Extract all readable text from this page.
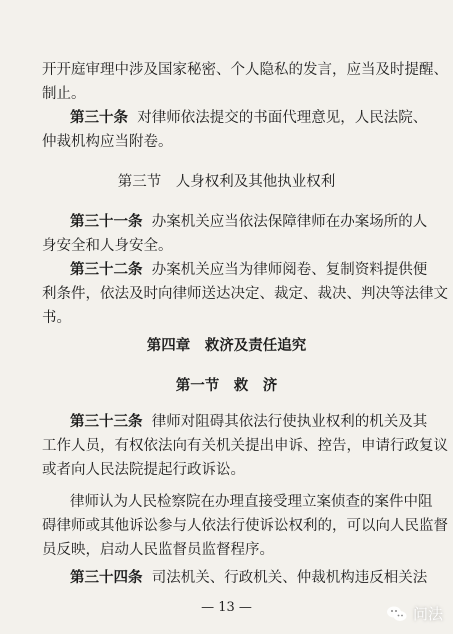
开开庭审理中涉及国家秘密、个人隐私的发言，应当及时提醒、
制止。
第三十条 对律师依法提交的书面代理意见，人民法院、
仲裁机构应当附卷。
第三节　人身权利及其他执业权利
第三十一条 办案机关应当依法保障律师在办案场所的人
身安全和人身安全。
第三十二条 办案机关应当为律师阅卷、复制资料提供便
利条件，依法及时向律师送达决定、裁定、裁决、判决等法律文
书。
第四章　救济及责任追究
第一节　救　济
第三十三条 律师对阻碍其依法行使执业权利的机关及其
工作人员，有权依法向有关机关提出申诉、控告，申请行政复议
或者向人民法院提起行政诉讼。
律师认为人民检察院在办理直接受理立案侦查的案件中阻
碍律师或其他诉讼参与人依法行使诉讼权利的，可以向人民监督
员反映，启动人民监督员监督程序。
第三十四条 司法机关、行政机关、仲裁机构违反相关法
— 13 —	问法
